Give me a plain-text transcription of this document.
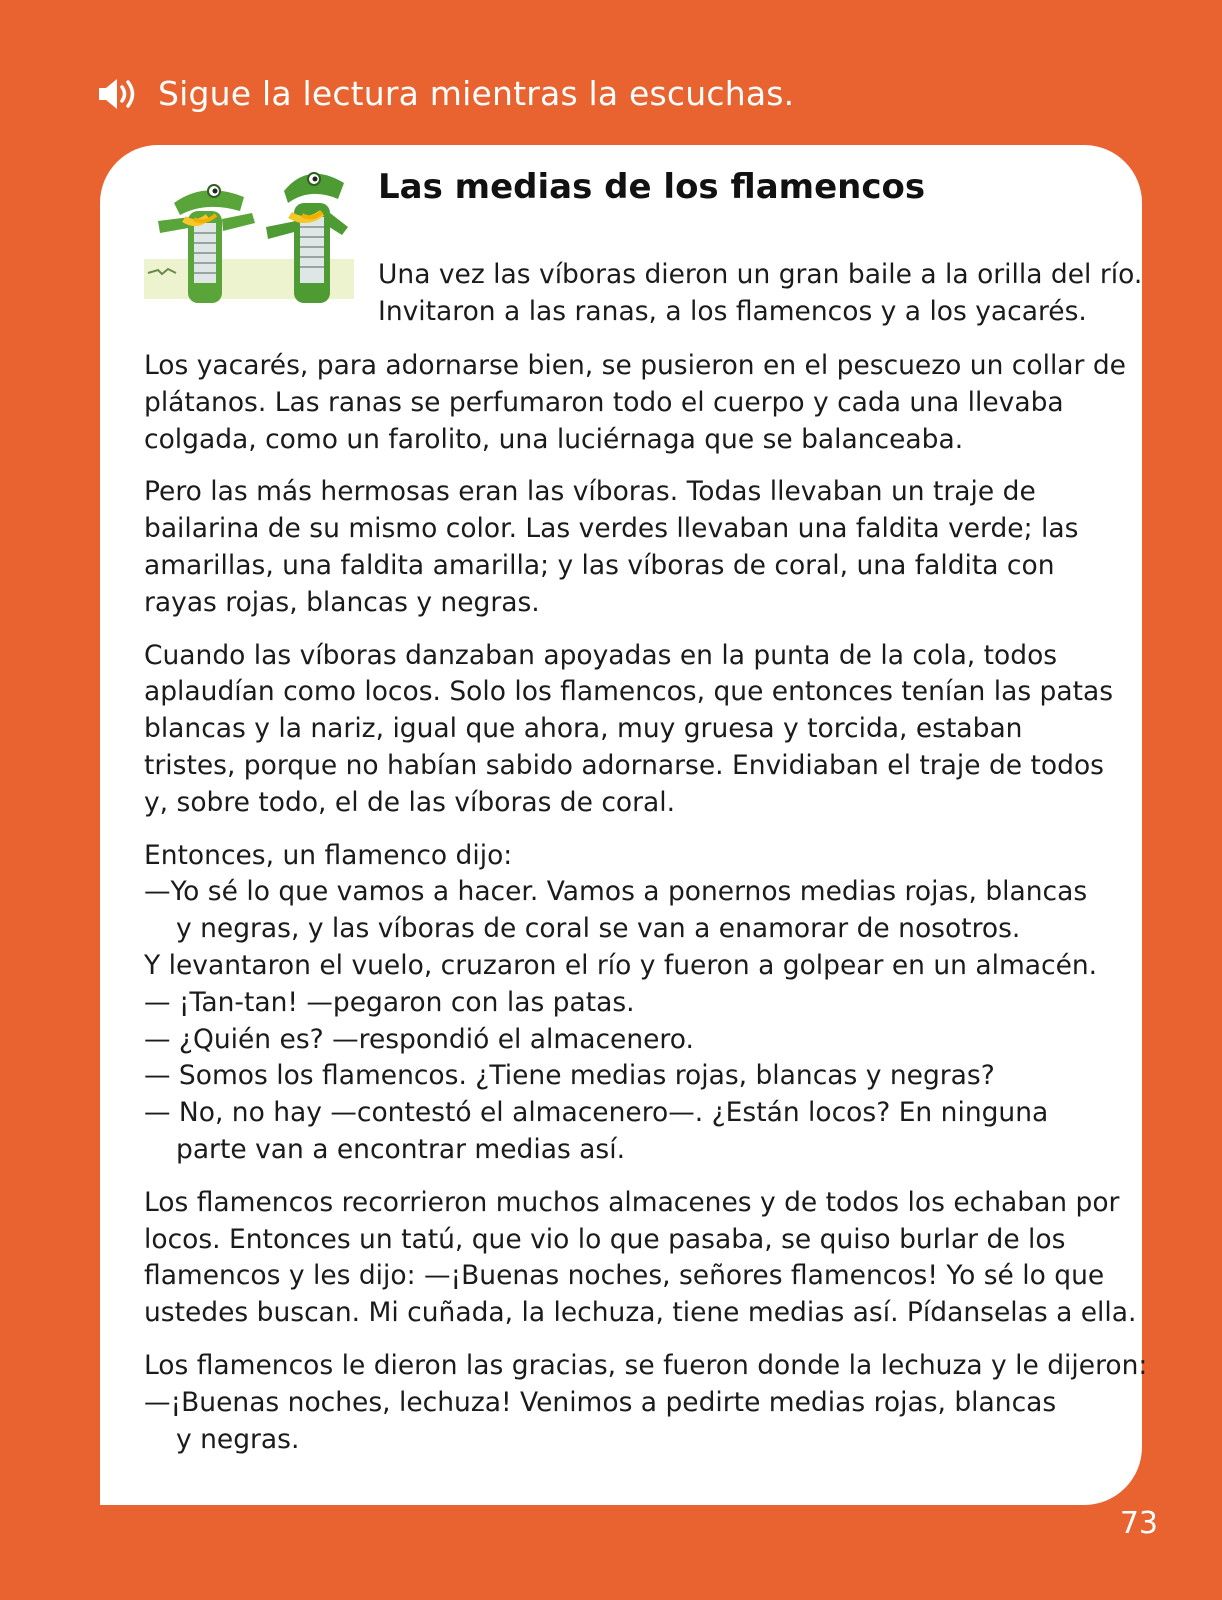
Sigue la lectura mientras la escuchas.
Las medias de los flamencos

Una vez las víboras dieron un gran baile a la orilla del río.

Invitaron a las ranas, a los flamencos y a los yacarés.

Los yacarés, para adornarse bien, se pusieron en el pescuezo un collar de

plátanos. Las ranas se perfumaron todo el cuerpo y cada una llevaba

colgada, como un farolito, una luciérnaga que se balanceaba.

Pero las más hermosas eran las víboras. Todas llevaban un traje de

bailarina de su mismo color. Las verdes llevaban una faldita verde; las

amarillas, una faldita amarilla; y las víboras de coral, una faldita con

rayas rojas, blancas y negras.

Cuando las víboras danzaban apoyadas en la punta de la cola, todos

aplaudían como locos. Solo los flamencos, que entonces tenían las patas

blancas y la nariz, igual que ahora, muy gruesa y torcida, estaban

tristes, porque no habían sabido adornarse. Envidiaban el traje de todos

y, sobre todo, el de las víboras de coral.

Entonces, un flamenco dijo:

—Yo sé lo que vamos a hacer. Vamos a ponernos medias rojas, blancas

y negras, y las víboras de coral se van a enamorar de nosotros.

Y levantaron el vuelo, cruzaron el río y fueron a golpear en un almacén.

— ¡Tan-tan! —pegaron con las patas.

— ¿Quién es? —respondió el almacenero.

— Somos los flamencos. ¿Tiene medias rojas, blancas y negras?

— No, no hay —contestó el almacenero—. ¿Están locos? En ninguna

parte van a encontrar medias así.

Los flamencos recorrieron muchos almacenes y de todos los echaban por

locos. Entonces un tatú, que vio lo que pasaba, se quiso burlar de los

flamencos y les dijo: —¡Buenas noches, señores flamencos! Yo sé lo que

ustedes buscan. Mi cuñada, la lechuza, tiene medias así. Pídanselas a ella.

Los flamencos le dieron las gracias, se fueron donde la lechuza y le dijeron:

—¡Buenas noches, lechuza! Venimos a pedirte medias rojas, blancas

y negras.

73
